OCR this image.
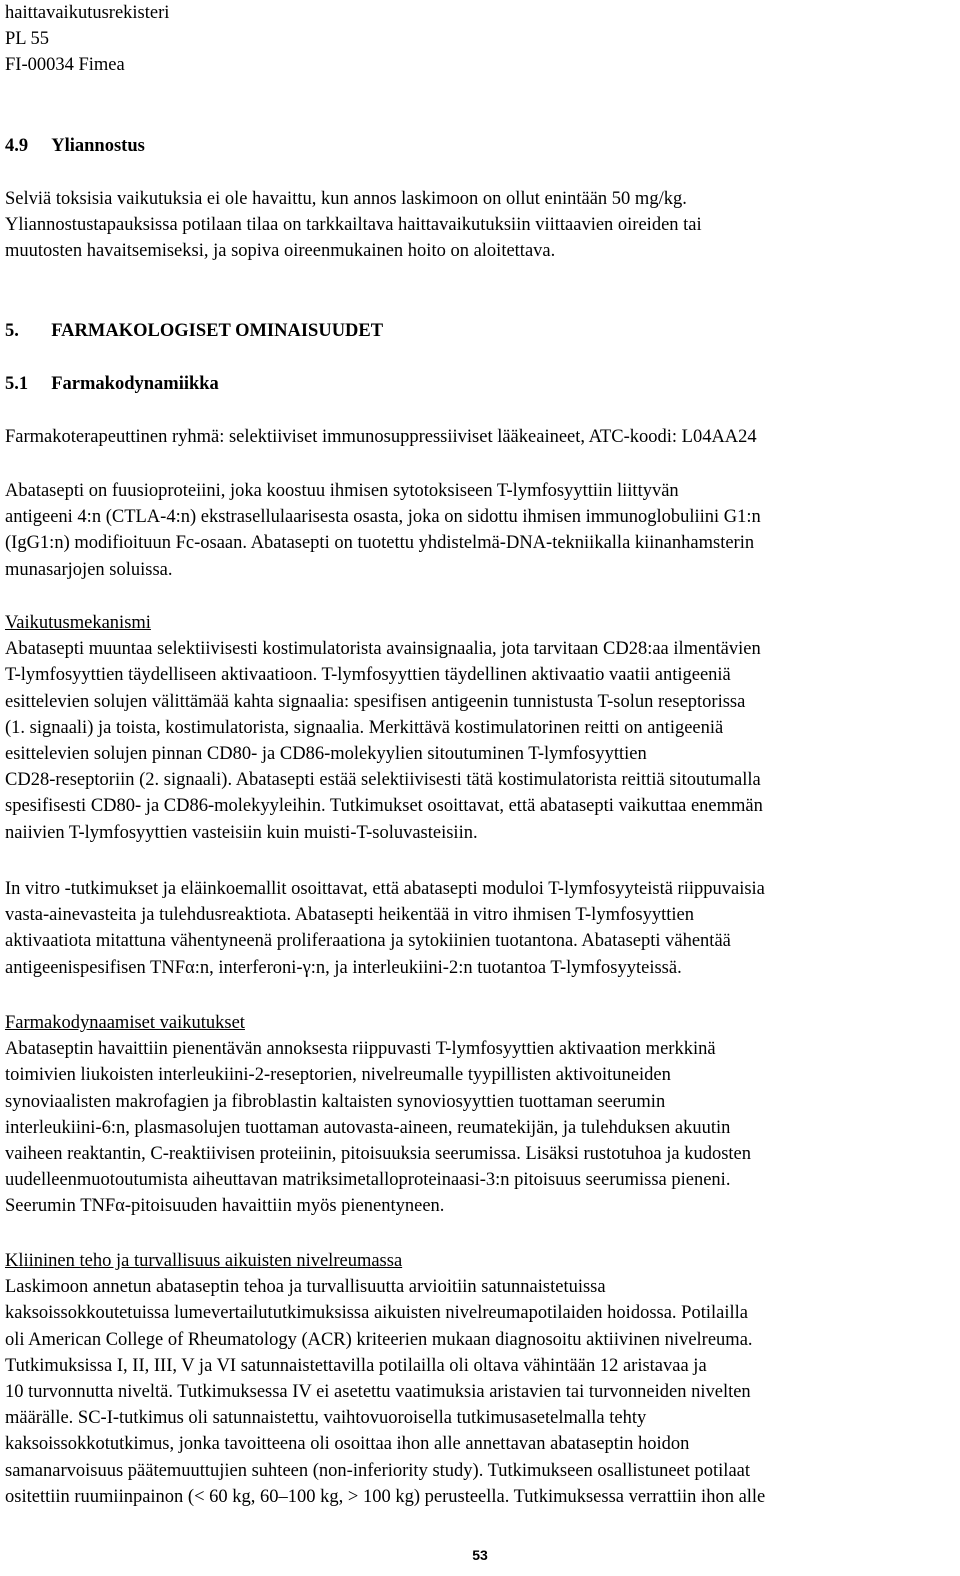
haittavaikutusrekisteri
PL 55
FI-00034 Fimea
4.9     Yliannostus
Selviä toksisia vaikutuksia ei ole havaittu, kun annos laskimoon on ollut enintään 50 mg/kg.
Yliannostustapauksissa potilaan tilaa on tarkkailtava haittavaikutuksiin viittaavien oireiden tai
muutosten havaitsemiseksi, ja sopiva oireenmukainen hoito on aloitettava.
5.       FARMAKOLOGISET OMINAISUUDET
5.1     Farmakodynamiikka
Farmakoterapeuttinen ryhmä: selektiiviset immunosuppressiiviset lääkeaineet, ATC-koodi: L04AA24
Abatasepti on fuusioproteiini, joka koostuu ihmisen sytotoksiseen T-lymfosyyttiin liittyvän
antigeeni 4:n (CTLA-4:n) ekstrasellulaarisesta osasta, joka on sidottu ihmisen immunoglobuliini G1:n
(IgG1:n) modifioituun Fc-osaan. Abatasepti on tuotettu yhdistelmä-DNA-tekniikalla kiinanhamsterin
munasarjojen soluissa.
Vaikutusmekanismi
Abatasepti muuntaa selektiivisesti kostimulatorista avainsignaalia, jota tarvitaan CD28:aa ilmentävien
T-lymfosyyttien täydelliseen aktivaatioon. T-lymfosyyttien täydellinen aktivaatio vaatii antigeeniä
esittelevien solujen välittämää kahta signaalia: spesifisen antigeenin tunnistusta T-solun reseptorissa
(1. signaali) ja toista, kostimulatorista, signaalia. Merkittävä kostimulatorinen reitti on antigeeniä
esittelevien solujen pinnan CD80- ja CD86-molekyylien sitoutuminen T-lymfosyyttien
CD28-reseptoriin (2. signaali). Abatasepti estää selektiivisesti tätä kostimulatorista reittiä sitoutumalla
spesifisesti CD80- ja CD86-molekyyleihin. Tutkimukset osoittavat, että abatasepti vaikuttaa enemmän
naiivien T-lymfosyyttien vasteisiin kuin muisti-T-soluvasteisiin.
In vitro -tutkimukset ja eläinkoemallit osoittavat, että abatasepti moduloi T-lymfosyyteistä riippuvaisia
vasta-ainevasteita ja tulehdusreaktiota. Abatasepti heikentää in vitro ihmisen T-lymfosyyttien
aktivaatiota mitattuna vähentyneenä proliferaationa ja sytokiinien tuotantona. Abatasepti vähentää
antigeenispesifisen TNFα:n, interferoni-γ:n, ja interleukiini-2:n tuotantoa T-lymfosyyteissä.
Farmakodynaamiset vaikutukset
Abataseptin havaittiin pienentävän annoksesta riippuvasti T-lymfosyyttien aktivaation merkkinä
toimivien liukoisten interleukiini-2-reseptorien, nivelreumalle tyypillisten aktivoituneiden
synoviaalisten makrofagien ja fibroblastin kaltaisten synoviosyyttien tuottaman seerumin
interleukiini-6:n, plasmasolujen tuottaman autovasta-aineen, reumatekijän, ja tulehduksen akuutin
vaiheen reaktantin, C-reaktiivisen proteiinin, pitoisuuksia seerumissa. Lisäksi rustotuhoa ja kudosten
uudelleenmuotoutumista aiheuttavan matriksimetalloproteinaasi-3:n pitoisuus seerumissa pieneni.
Seerumin TNFα-pitoisuuden havaittiin myös pienentyneen.
Kliininen teho ja turvallisuus aikuisten nivelreumassa
Laskimoon annetun abataseptin tehoa ja turvallisuutta arvioitiin satunnaistetuissa
kaksoissokkoutetuissa lumevertailututkimuksissa aikuisten nivelreumapotilaiden hoidossa. Potilailla
oli American College of Rheumatology (ACR) kriteerien mukaan diagnosoitu aktiivinen nivelreuma.
Tutkimuksissa I, II, III, V ja VI satunnaistettavilla potilailla oli oltava vähintään 12 aristavaa ja
10 turvonnutta niveltä. Tutkimuksessa IV ei asetettu vaatimuksia aristavien tai turvonneiden nivelten
määrälle. SC-I-tutkimus oli satunnaistettu, vaihtovuoroisella tutkimusasetelmalla tehty
kaksoissokkotutkimus, jonka tavoitteena oli osoittaa ihon alle annettavan abataseptin hoidon
samanarvoisuus päätemuuttujien suhteen (non-inferiority study). Tutkimukseen osallistuneet potilaat
ositettiin ruumiinpainon (< 60 kg, 60–100 kg, > 100 kg) perusteella. Tutkimuksessa verrattiin ihon alle
53
